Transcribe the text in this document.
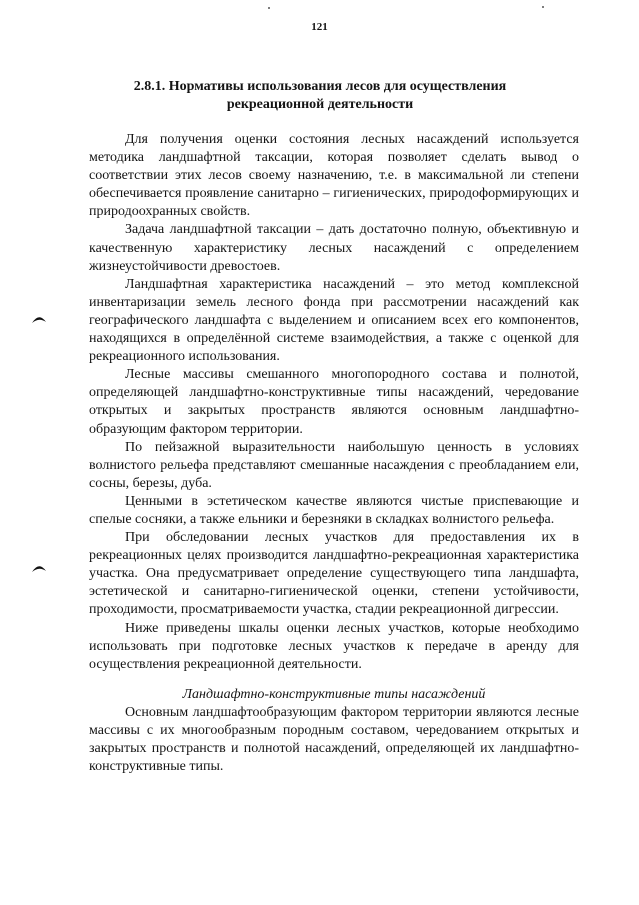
121
2.8.1. Нормативы использования лесов для осуществления
рекреационной деятельности

Для получения оценки состояния лесных насаждений используется методика ландшафтной таксации, которая позволяет сделать вывод о соответствии этих лесов своему назначению, т.е. в максимальной ли степени обеспечивается проявление санитарно – гигиенических, природоформирующих и природоохранных свойств.

Задача ландшафтной таксации – дать достаточно полную, объективную и качественную характеристику лесных насаждений с определением жизнеустойчивости древостоев.

Ландшафтная характеристика насаждений – это метод комплексной инвентаризации земель лесного фонда при рассмотрении насаждений как географического ландшафта с выделением и описанием всех его компонентов, находящихся в определённой системе взаимодействия, а также с оценкой для рекреационного использования.

Лесные массивы смешанного многопородного состава и полнотой, определяющей ландшафтно-конструктивные типы насаждений, чередование открытых и закрытых пространств являются основным ландшафтно-образующим фактором территории.

По пейзажной выразительности наибольшую ценность в условиях волнистого рельефа представляют смешанные насаждения с преобладанием ели, сосны, березы, дуба.

Ценными в эстетическом качестве являются чистые приспевающие и спелые сосняки, а также ельники и березняки в складках волнистого рельефа.

При обследовании лесных участков для предоставления их в рекреационных целях производится ландшафтно-рекреационная характеристика участка. Она предусматривает определение существующего типа ландшафта, эстетической и санитарно-гигиенической оценки, степени устойчивости, проходимости, просматриваемости участка, стадии рекреационной дигрессии.

Ниже приведены шкалы оценки лесных участков, которые необходимо использовать при подготовке лесных участков к передаче в аренду для осуществления рекреационной деятельности.

Ландшафтно-конструктивные типы насаждений

Основным ландшафтообразующим фактором территории являются лесные массивы с их многообразным породным составом, чередованием открытых и закрытых пространств и полнотой насаждений, определяющей их ландшафтно-конструктивные типы.
